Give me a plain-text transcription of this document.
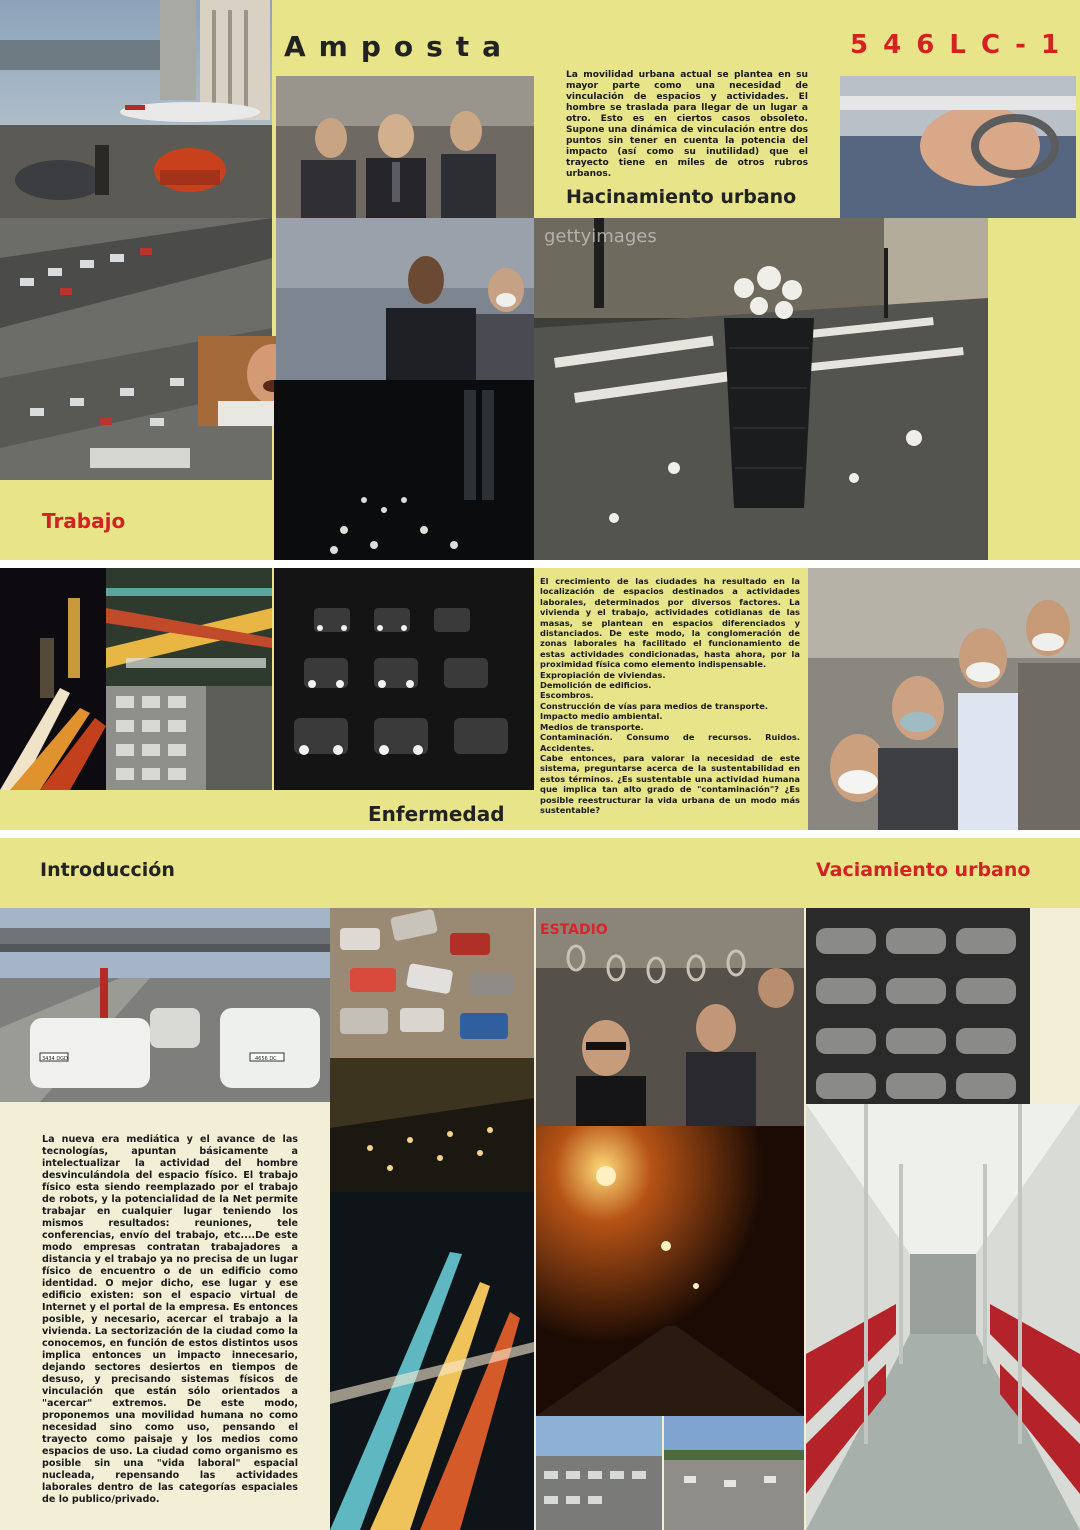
Amposta	5 4 6 L C - 1
gettyimages

La movilidad urbana actual se plantea en su mayor parte como una necesidad de vinculación de espacios y actividades. El hombre se traslada para llegar de un lugar a otro. Esto es en ciertos casos obsoleto. Supone una dinámica de vinculación entre dos puntos sin tener en cuenta la potencia del impacto (así como su inutilidad) que el trayecto tiene en miles de otros rubros urbanos.

Hacinamiento urbano
Trabajo

El crecimiento de las ciudades ha resultado en la localización de espacios destinados a actividades laborales, determinados por diversos factores. La vivienda y el trabajo, actividades cotidianas de las masas, se plantean en espacios diferenciados y distanciados. De este modo, la conglomeración de zonas laborales ha facilitado el funcionamiento de estas actividades condicionadas, hasta ahora, por la proximidad física como elemento indispensable.

Expropiación de viviendas.

Demolición de edificios.

Escombros.

Construcción de vías para medios de transporte.

Impacto medio ambiental.

Medios de transporte.

Contaminación. Consumo de recursos. Ruidos. Accidentes.

Cabe entonces, para valorar la necesidad de este sistema, preguntarse acerca de la sustentabilidad en estos términos. ¿Es sustentable una actividad humana que implica tan alto grado de "contaminación"? ¿Es posible reestructurar la vida urbana de un modo más sustentable?

Enfermedad
Introducción	Vaciamiento urbano
3434 DGD	4656 DC
ESTADIO

La nueva era mediática y el avance de las tecnologías, apuntan básicamente a intelectualizar la actividad del hombre desvinculándola del espacio físico. El trabajo físico esta siendo reemplazado por el trabajo de robots, y la potencialidad de la Net permite trabajar en cualquier lugar teniendo los mismos resultados: reuniones, tele conferencias, envío del trabajo, etc....De este modo empresas contratan trabajadores a distancia y el trabajo ya no precisa de un lugar físico de encuentro o de un edificio como identidad. O mejor dicho, ese lugar y ese edificio existen: son el espacio virtual de Internet y el portal de la empresa. Es entonces posible, y necesario, acercar el trabajo a la vivienda. La sectorización de la ciudad como la conocemos, en función de estos distintos usos implica entonces un impacto innecesario, dejando sectores desiertos en tiempos de desuso, y precisando sistemas físicos de vinculación que están sólo orientados a "acercar" extremos. De este modo, proponemos una movilidad humana no como necesidad sino como uso, pensando el trayecto como paisaje y los medios como espacios de uso. La ciudad como organismo es posible sin una "vida laboral" espacial nucleada, repensando las actividades laborales dentro de las categorías espaciales de lo publico/privado.
